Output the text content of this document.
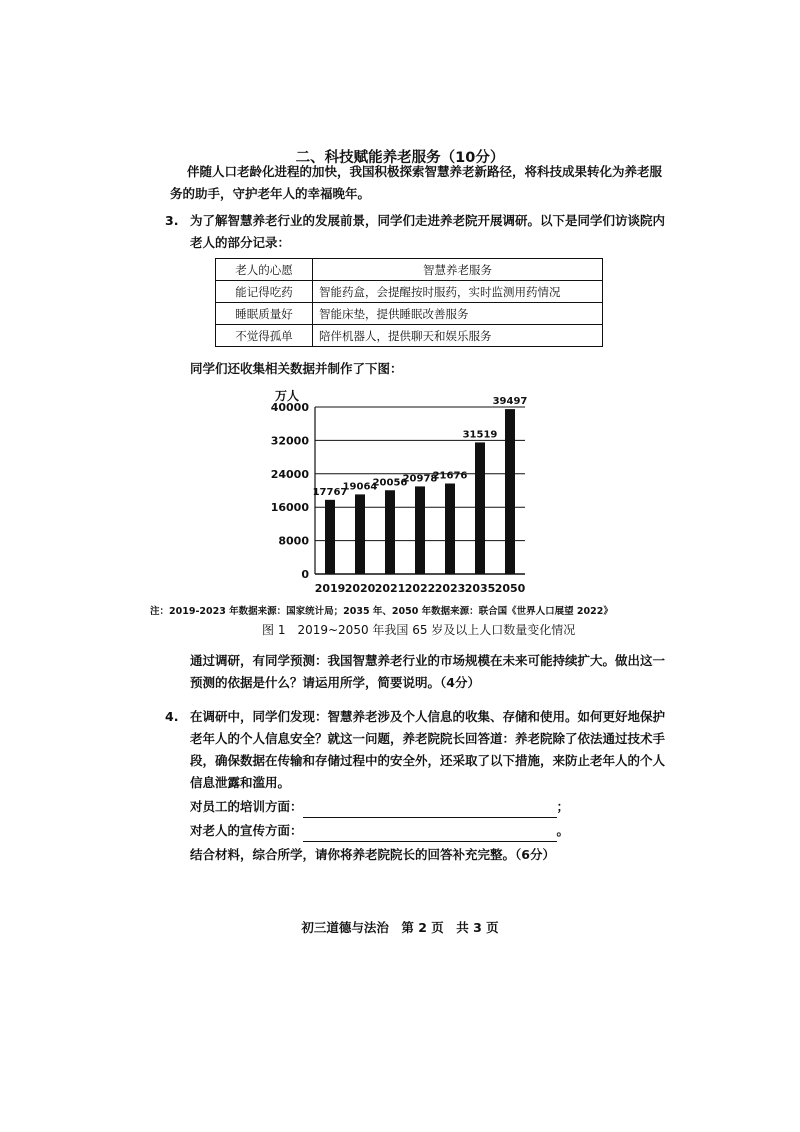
二、科技赋能养老服务（10分）
伴随人口老龄化进程的加快，我国积极探索智慧养老新路径，将科技成果转化为养老服
务的助手，守护老年人的幸福晚年。
3. 为了解智慧养老行业的发展前景，同学们走进养老院开展调研。以下是同学们访谈院内
老人的部分记录：
老人的心愿	智慧养老服务
能记得吃药	智能药盒，会提醒按时服药，实时监测用药情况
睡眠质量好	智能床垫，提供睡眠改善服务
不觉得孤单	陪伴机器人，提供聊天和娱乐服务
同学们还收集相关数据并制作了下图：
万人
0
8000
16000
24000
32000
40000
17767
19064
20056
20978
21676
31519
39497
2019 2020 2021 2022 2023 2035 2050
注：2019-2023 年数据来源：国家统计局；2035 年、2050 年数据来源：联合国《世界人口展望 2022》
图 1　2019~2050 年我国 65 岁及以上人口数量变化情况
通过调研，有同学预测：我国智慧养老行业的市场规模在未来可能持续扩大。做出这一
预测的依据是什么？请运用所学，简要说明。（4分）
4. 在调研中，同学们发现：智慧养老涉及个人信息的收集、存储和使用。如何更好地保护
老年人的个人信息安全？就这一问题，养老院院长回答道：养老院除了依法通过技术手
段，确保数据在传输和存储过程中的安全外，还采取了以下措施，来防止老年人的个人
信息泄露和滥用。
对员工的培训方面：	；
对老人的宣传方面：	。
结合材料，综合所学，请你将养老院院长的回答补充完整。（6分）
初三道德与法治　第 2 页　共 3 页
